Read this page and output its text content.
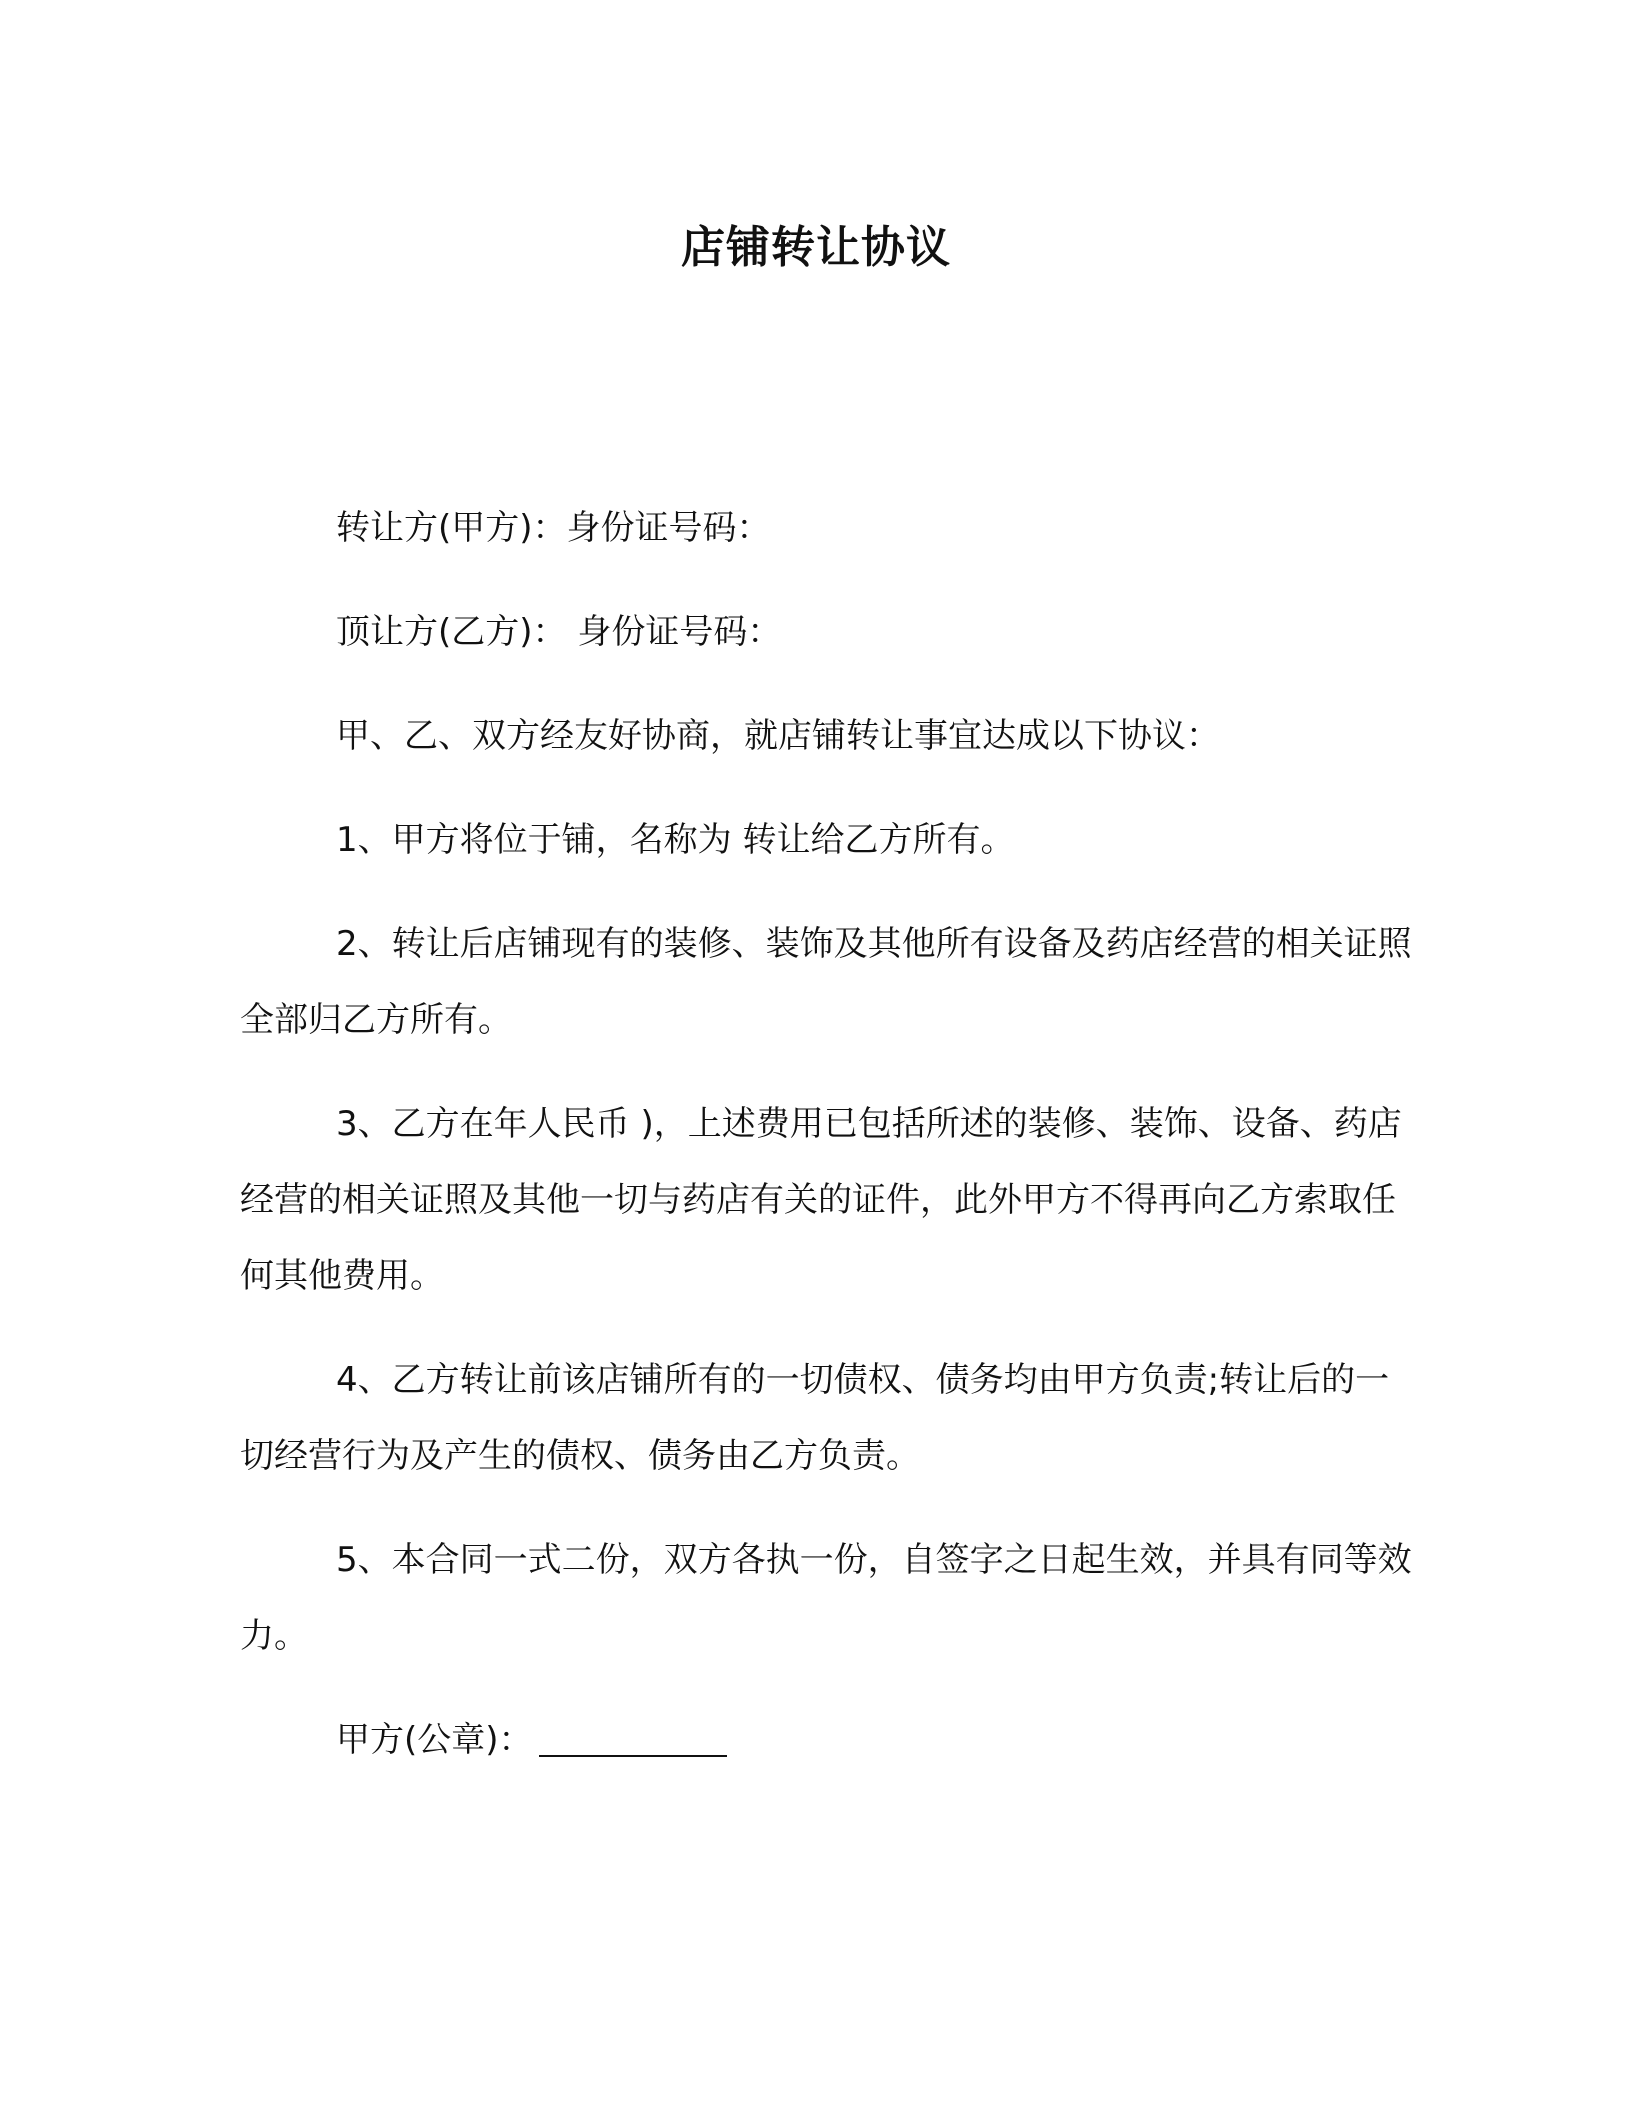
店铺转让协议

转让方(甲方)：身份证号码：

顶让方(乙方)： 身份证号码：

甲、乙、双方经友好协商，就店铺转让事宜达成以下协议：

1、甲方将位于铺，名称为 转让给乙方所有。

2、转让后店铺现有的装修、装饰及其他所有设备及药店经营的相关证照全部归乙方所有。

3、乙方在年人民币 )，上述费用已包括所述的装修、装饰、设备、药店经营的相关证照及其他一切与药店有关的证件，此外甲方不得再向乙方索取任何其他费用。

4、乙方转让前该店铺所有的一切债权、债务均由甲方负责;转让后的一切经营行为及产生的债权、债务由乙方负责。

5、本合同一式二份，双方各执一份，自签字之日起生效，并具有同等效力。

甲方(公章)：
